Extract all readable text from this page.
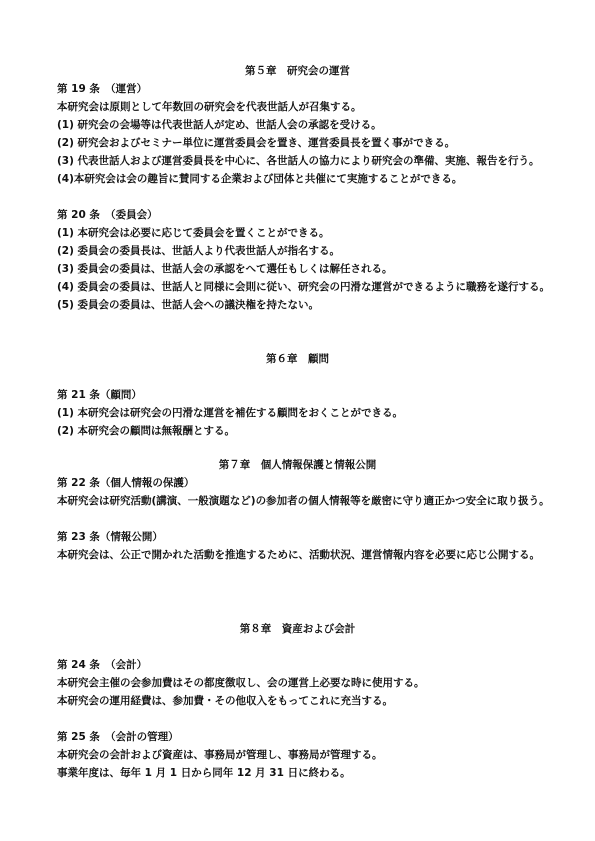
第５章　研究会の運営
第 19 条　（運営）
本研究会は原則として年数回の研究会を代表世話人が召集する。
(1) 研究会の会場等は代表世話人が定め、世話人会の承認を受ける。
(2) 研究会およびセミナー単位に運営委員会を置き、運営委員長を置く事ができる。
(3) 代表世話人および運営委員長を中心に、各世話人の協力により研究会の準備、実施、報告を行う。
(4)本研究会は会の趣旨に賛同する企業および団体と共催にて実施することができる。
第 20 条　（委員会）
(1) 本研究会は必要に応じて委員会を置くことができる。
(2) 委員会の委員長は、世話人より代表世話人が指名する。
(3) 委員会の委員は、世話人会の承認をへて選任もしくは解任される。
(4) 委員会の委員は、世話人と同様に会則に従い、研究会の円滑な運営ができるように職務を遂行する。
(5) 委員会の委員は、世話人会への議決権を持たない。
第６章　顧問
第 21 条（顧問）
(1) 本研究会は研究会の円滑な運営を補佐する顧問をおくことができる。
(2) 本研究会の顧問は無報酬とする。
第７章　個人情報保護と情報公開
第 22 条（個人情報の保護）
本研究会は研究活動(講演、一般演題など)の参加者の個人情報等を厳密に守り適正かつ安全に取り扱う。
第 23 条（情報公開）
本研究会は、公正で開かれた活動を推進するために、活動状況、運営情報内容を必要に応じ公開する。
第８章　資産および会計
第 24 条　（会計）
本研究会主催の会参加費はその都度徴収し、会の運営上必要な時に使用する。
本研究会の運用経費は、参加費・その他収入をもってこれに充当する。
第 25 条　（会計の管理）
本研究会の会計および資産は、事務局が管理し、事務局が管理する。
事業年度は、毎年 1 月 1 日から同年 12 月 31 日に終わる。
